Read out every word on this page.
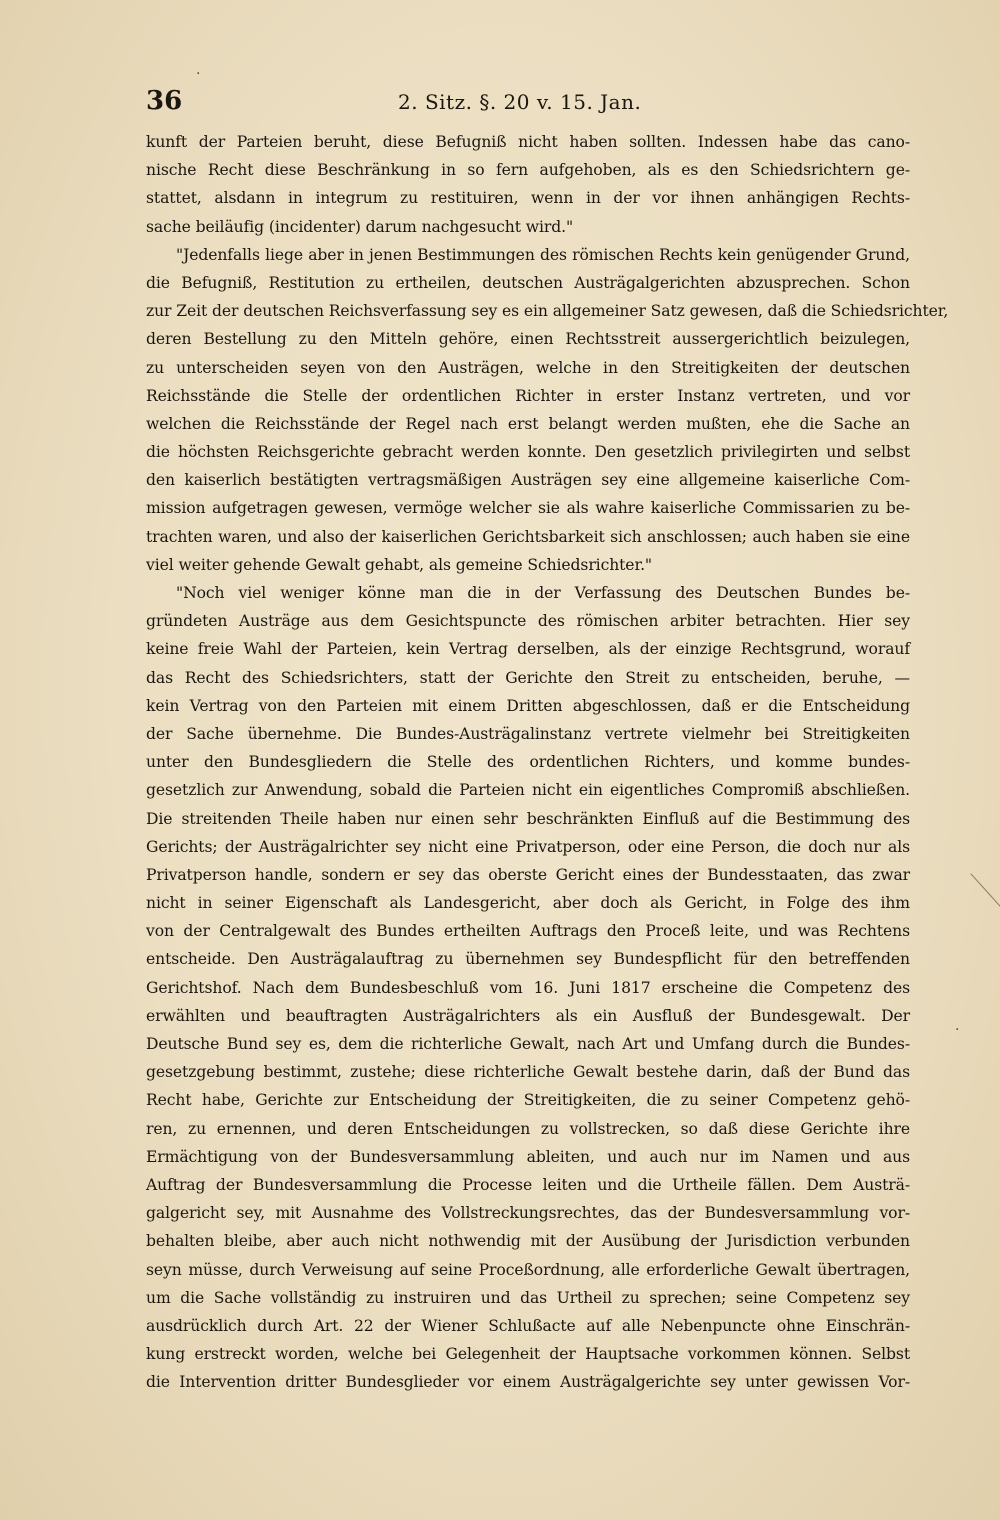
36	2. Sitz. §. 20 v. 15. Jan.
kunft der Parteien beruht, diese Befugniß nicht haben sollten. Indessen habe das cano-
nische Recht diese Beschränkung in so fern aufgehoben, als es den Schiedsrichtern ge-
stattet, alsdann in integrum zu restituiren, wenn in der vor ihnen anhängigen Rechts-
sache beiläufig (incidenter) darum nachgesucht wird."
"Jedenfalls liege aber in jenen Bestimmungen des römischen Rechts kein genügender Grund,
die Befugniß, Restitution zu ertheilen, deutschen Austrägalgerichten abzusprechen. Schon
zur Zeit der deutschen Reichsverfassung sey es ein allgemeiner Satz gewesen, daß die Schiedsrichter,
deren Bestellung zu den Mitteln gehöre, einen Rechtsstreit aussergerichtlich beizulegen,
zu unterscheiden seyen von den Austrägen, welche in den Streitigkeiten der deutschen
Reichsstände die Stelle der ordentlichen Richter in erster Instanz vertreten, und vor
welchen die Reichsstände der Regel nach erst belangt werden mußten, ehe die Sache an
die höchsten Reichsgerichte gebracht werden konnte. Den gesetzlich privilegirten und selbst
den kaiserlich bestätigten vertragsmäßigen Austrägen sey eine allgemeine kaiserliche Com-
mission aufgetragen gewesen, vermöge welcher sie als wahre kaiserliche Commissarien zu be-
trachten waren, und also der kaiserlichen Gerichtsbarkeit sich anschlossen; auch haben sie eine
viel weiter gehende Gewalt gehabt, als gemeine Schiedsrichter."
"Noch viel weniger könne man die in der Verfassung des Deutschen Bundes be-
gründeten Austräge aus dem Gesichtspuncte des römischen arbiter betrachten. Hier sey
keine freie Wahl der Parteien, kein Vertrag derselben, als der einzige Rechtsgrund, worauf
das Recht des Schiedsrichters, statt der Gerichte den Streit zu entscheiden, beruhe, —
kein Vertrag von den Parteien mit einem Dritten abgeschlossen, daß er die Entscheidung
der Sache übernehme. Die Bundes-Austrägalinstanz vertrete vielmehr bei Streitigkeiten
unter den Bundesgliedern die Stelle des ordentlichen Richters, und komme bundes-
gesetzlich zur Anwendung, sobald die Parteien nicht ein eigentliches Compromiß abschließen.
Die streitenden Theile haben nur einen sehr beschränkten Einfluß auf die Bestimmung des
Gerichts; der Austrägalrichter sey nicht eine Privatperson, oder eine Person, die doch nur als
Privatperson handle, sondern er sey das oberste Gericht eines der Bundesstaaten, das zwar
nicht in seiner Eigenschaft als Landesgericht, aber doch als Gericht, in Folge des ihm
von der Centralgewalt des Bundes ertheilten Auftrags den Proceß leite, und was Rechtens
entscheide. Den Austrägalauftrag zu übernehmen sey Bundespflicht für den betreffenden
Gerichtshof. Nach dem Bundesbeschluß vom 16. Juni 1817 erscheine die Competenz des
erwählten und beauftragten Austrägalrichters als ein Ausfluß der Bundesgewalt. Der
Deutsche Bund sey es, dem die richterliche Gewalt, nach Art und Umfang durch die Bundes-
gesetzgebung bestimmt, zustehe; diese richterliche Gewalt bestehe darin, daß der Bund das
Recht habe, Gerichte zur Entscheidung der Streitigkeiten, die zu seiner Competenz gehö-
ren, zu ernennen, und deren Entscheidungen zu vollstrecken, so daß diese Gerichte ihre
Ermächtigung von der Bundesversammlung ableiten, und auch nur im Namen und aus
Auftrag der Bundesversammlung die Processe leiten und die Urtheile fällen. Dem Austrä-
galgericht sey, mit Ausnahme des Vollstreckungsrechtes, das der Bundesversammlung vor-
behalten bleibe, aber auch nicht nothwendig mit der Ausübung der Jurisdiction verbunden
seyn müsse, durch Verweisung auf seine Proceßordnung, alle erforderliche Gewalt übertragen,
um die Sache vollständig zu instruiren und das Urtheil zu sprechen; seine Competenz sey
ausdrücklich durch Art. 22 der Wiener Schlußacte auf alle Nebenpuncte ohne Einschrän-
kung erstreckt worden, welche bei Gelegenheit der Hauptsache vorkommen können. Selbst
die Intervention dritter Bundesglieder vor einem Austrägalgerichte sey unter gewissen Vor-
·
·
